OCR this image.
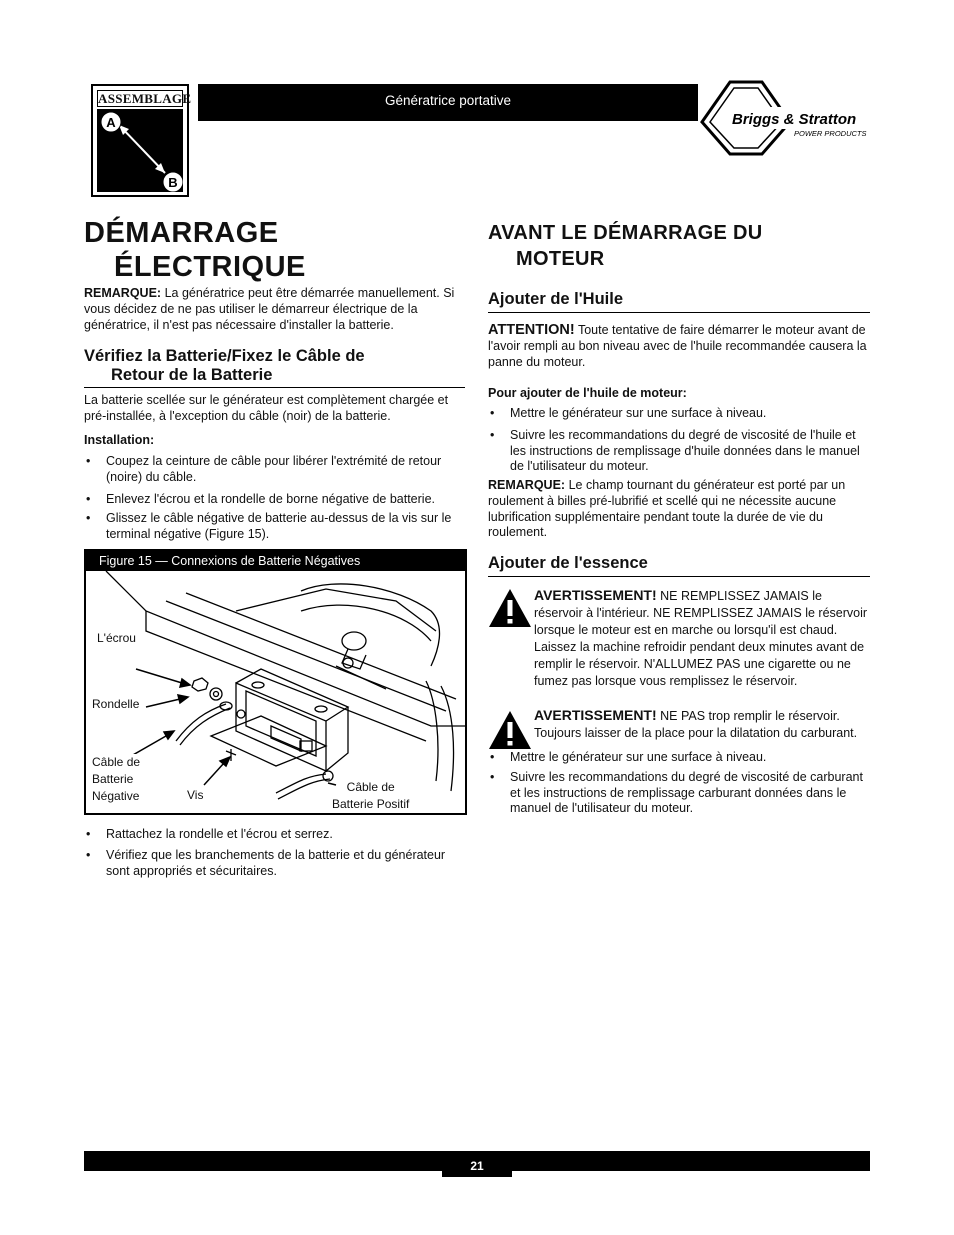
ASSEMBLAGE
A
B
Génératrice portative
Briggs & Stratton
POWER PRODUCTS
DÉMARRAGE
ÉLECTRIQUE
REMARQUE: La génératrice peut être démarrée manuellement. Si vous décidez de ne pas utiliser le démarreur électrique de la génératrice, il n'est pas nécessaire d'installer la batterie.
Vérifiez la Batterie/Fixez le Câble de
Retour de la Batterie
La batterie scellée sur le générateur est complètement chargée et pré-installée, à l'exception du câble (noir) de la batterie.
Installation:
• Coupez la ceinture de câble pour libérer l'extrémité de retour (noire) du câble.
• Enlevez l'écrou et la rondelle de borne négative de batterie.
• Glissez le câble négative de batterie au-dessus de la vis sur le terminal négative (Figure 15).
Figure 15 — Connexions de Batterie Négatives
L'écrou
Rondelle
Câble de
Batterie
Négative	Vis
Câble de
Batterie Positif
• Rattachez la rondelle et l'écrou et serrez.
• Vérifiez que les branchements de la batterie et du générateur sont appropriés et sécuritaires.
AVANT LE DÉMARRAGE DU
MOTEUR
Ajouter de l'Huile
ATTENTION! Toute tentative de faire démarrer le moteur avant de l'avoir rempli au bon niveau avec de l'huile recommandée causera la panne du moteur.
Pour ajouter de l'huile de moteur:
• Mettre le générateur sur une surface à niveau.
• Suivre les recommandations du degré de viscosité de l'huile et les instructions de remplissage d'huile données dans le manuel de l'utilisateur du moteur.
REMARQUE: Le champ tournant du générateur est porté par un roulement à billes pré-lubrifié et scellé qui ne nécessite aucune lubrification supplémentaire pendant toute la durée de vie du roulement.
Ajouter de l'essence
AVERTISSEMENT! NE REMPLISSEZ JAMAIS le réservoir à l'intérieur. NE REMPLISSEZ JAMAIS le réservoir lorsque le moteur est en marche ou lorsqu'il est chaud. Laissez la machine refroidir pendant deux minutes avant de remplir le réservoir. N'ALLUMEZ PAS une cigarette ou ne fumez pas lorsque vous remplissez le réservoir.
AVERTISSEMENT! NE PAS trop remplir le réservoir. Toujours laisser de la place pour la dilatation du carburant.
• Mettre le générateur sur une surface à niveau.
• Suivre les recommandations du degré de viscosité de carburant et les instructions de remplissage carburant données dans le manuel de l'utilisateur du moteur.
21
